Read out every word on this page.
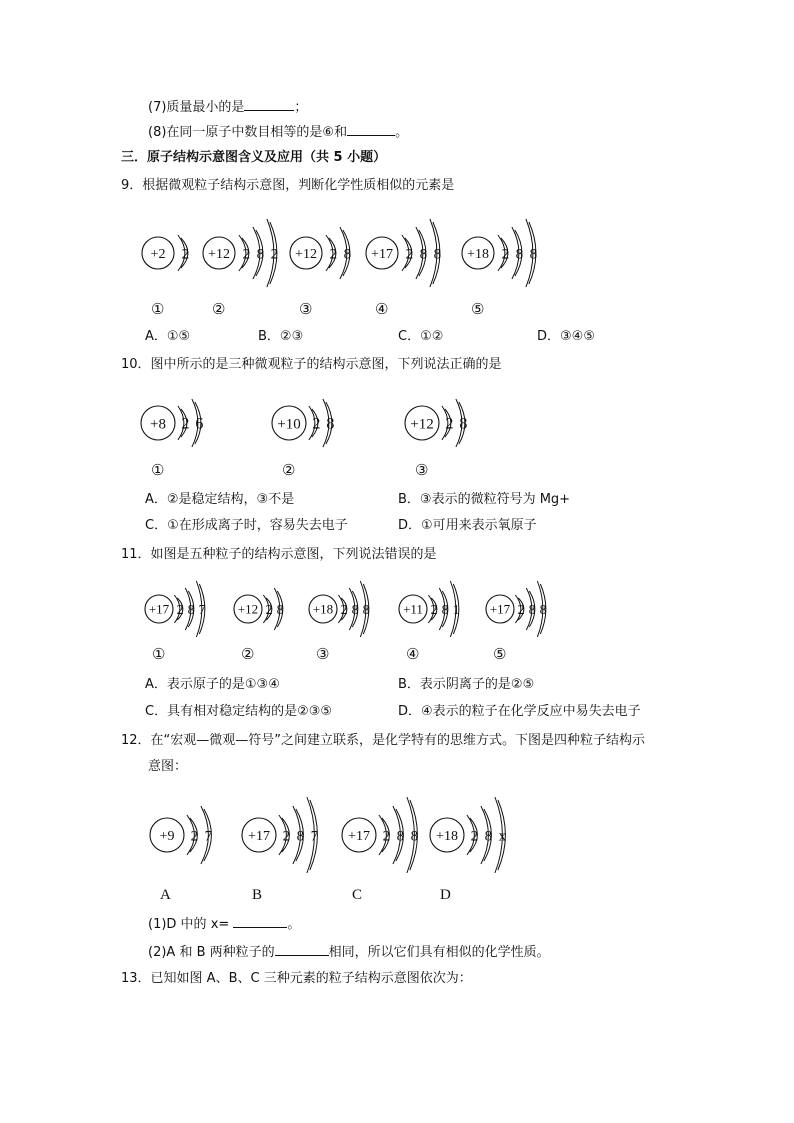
(7)质量最小的是	；
(8)在同一原子中数目相等的是⑥和	。
三．原子结构示意图含义及应用（共 5 小题）
9．根据微观粒子结构示意图，判断化学性质相似的元素是
+2 2
①
+12 2 8 2
②
+12 2 8
③
+17 2 8 8
④
+18 2 8 8
⑤
A．①⑤	B．②③	C．①②	D．③④⑤
10．图中所示的是三种微观粒子的结构示意图，下列说法正确的是
+8 2 6
①
+10 2 8
②
+12 2 8
③
A．②是稳定结构，③不是	B．③表示的微粒符号为 Mg+
C．①在形成离子时，容易失去电子	D．①可用来表示氧原子
11．如图是五种粒子的结构示意图，下列说法错误的是
+17 2 8 7
①
+12 2 8
②
+18 2 8 8
③
+11 2 8 1
④
+17 2 8 8
⑤
A．表示原子的是①③④	B．表示阴离子的是②⑤
C．具有相对稳定结构的是②③⑤	D．④表示的粒子在化学反应中易失去电子
12．在“宏观—微观—符号”之间建立联系，是化学特有的思维方式。下图是四种粒子结构示
意图：
+9 2 7
A
+17 2 8 7
B
+17 2 8 8
C
+18 2 8 x
D
(1)D 中的 x=	。
(2)A 和 B 两种粒子的	相同，所以它们具有相似的化学性质。
13．已知如图 A、B、C 三种元素的粒子结构示意图依次为：
